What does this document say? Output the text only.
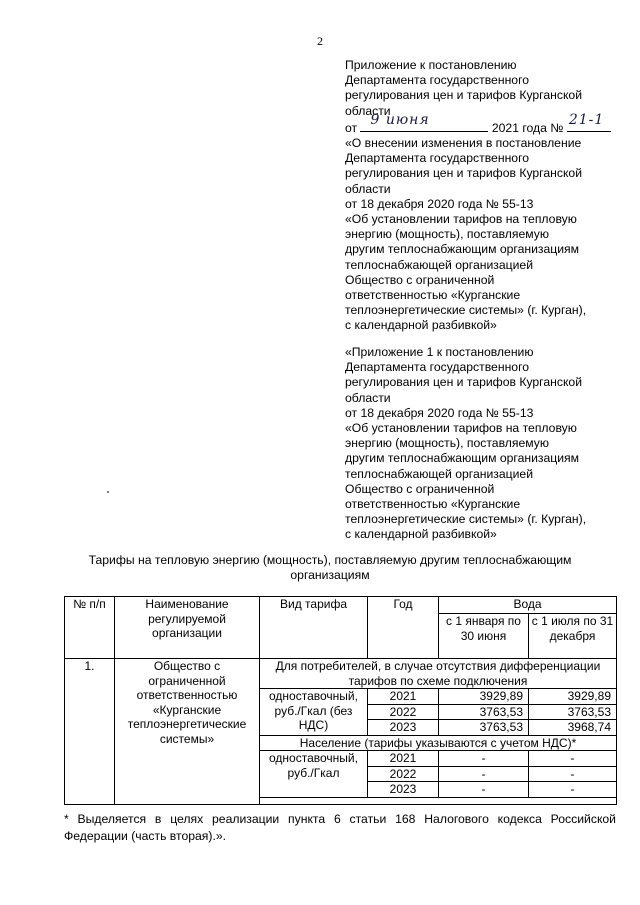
2
Приложение к постановлению
Департамента государственного
регулирования цен и тарифов Курганской
области
от 9 июня	2021 года № 21-1
«О внесении изменения в постановление
Департамента государственного
регулирования цен и тарифов Курганской
области
от 18 декабря 2020 года № 55-13
«Об установлении тарифов на тепловую
энергию (мощность), поставляемую
другим теплоснабжающим организациям
теплоснабжающей организацией
Общество с ограниченной
ответственностью «Курганские
теплоэнергетические системы» (г. Курган),
с календарной разбивкой»
«Приложение 1 к постановлению
Департамента государственного
регулирования цен и тарифов Курганской
области
от 18 декабря 2020 года № 55-13
«Об установлении тарифов на тепловую
энергию (мощность), поставляемую
другим теплоснабжающим организациям
теплоснабжающей организацией
Общество с ограниченной
ответственностью «Курганские
теплоэнергетические системы» (г. Курган),
с календарной разбивкой»
Тарифы на тепловую энергию (мощность), поставляемую другим теплоснабжающим
организациям
№ п/п	Наименование регулируемой организации	Вид тарифа	Год	Вода	
				с 1 января по 30 июня	с 1 июля по 31 декабря
1.	Общество с ограниченной ответственностью «Курганские теплоэнергетические системы»	Для потребителей, в случае отсутствия дифференциации тарифов по схеме подключения			
		одноставочный, руб./Гкал (без НДС)	2021	3929,89	3929,89
			2022	3763,53	3763,53
			2023	3763,53	3968,74
		Население (тарифы указываются с учетом НДС)*			
		одноставочный, руб./Гкал	2021	-	-
			2022	-	-
			2023	-	-

* Выделяется в целях реализации пункта 6 статьи 168 Налогового кодекса Российской Федерации (часть вторая).».
